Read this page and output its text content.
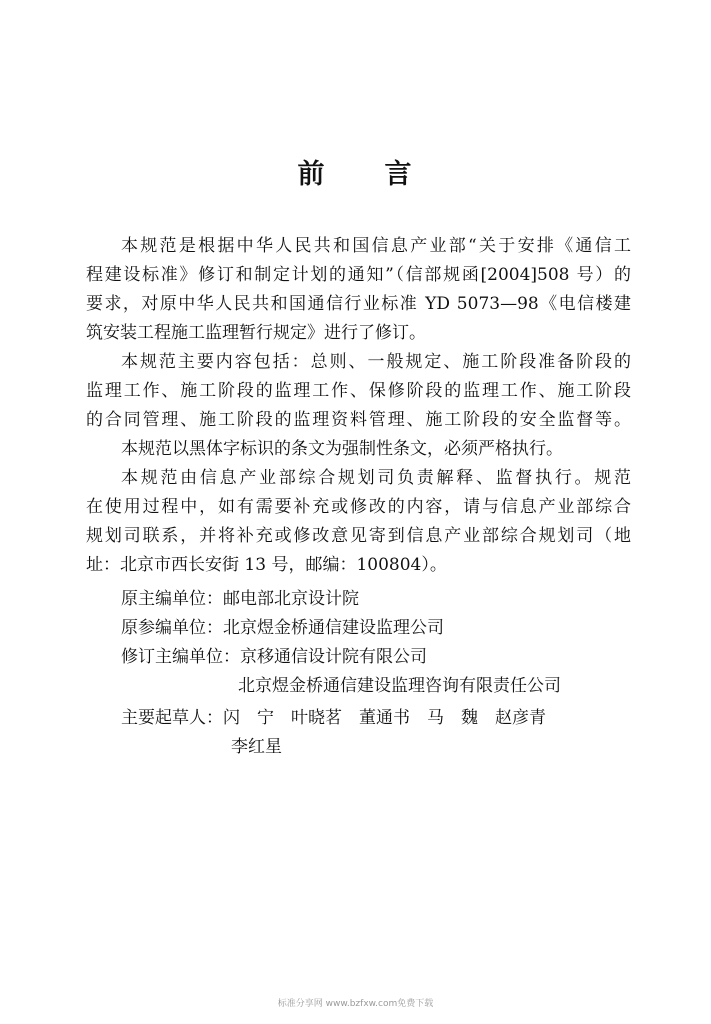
前 言
本规范是根据中华人民共和国信息产业部“关于安排《通信工
程建设标准》修订和制定计划的通知”（信部规函[2004]508 号）的
要求，对原中华人民共和国通信行业标准 YD 5073—98《电信楼建
筑安装工程施工监理暂行规定》进行了修订。
本规范主要内容包括：总则、一般规定、施工阶段准备阶段的
监理工作、施工阶段的监理工作、保修阶段的监理工作、施工阶段
的合同管理、施工阶段的监理资料管理、施工阶段的安全监督等。
本规范以黑体字标识的条文为强制性条文，必须严格执行。
本规范由信息产业部综合规划司负责解释、监督执行。规范
在使用过程中，如有需要补充或修改的内容，请与信息产业部综合
规划司联系，并将补充或修改意见寄到信息产业部综合规划司（地
址：北京市西长安街 13 号，邮编：100804）。
原主编单位：邮电部北京设计院
原参编单位：北京煜金桥通信建设监理公司
修订主编单位：京移通信设计院有限公司
北京煜金桥通信建设监理咨询有限责任公司
主要起草人：闪　宁　叶晓茗　董通书　马　魏　赵彦青
李红星
标准分享网 www.bzfxw.com免费下载
